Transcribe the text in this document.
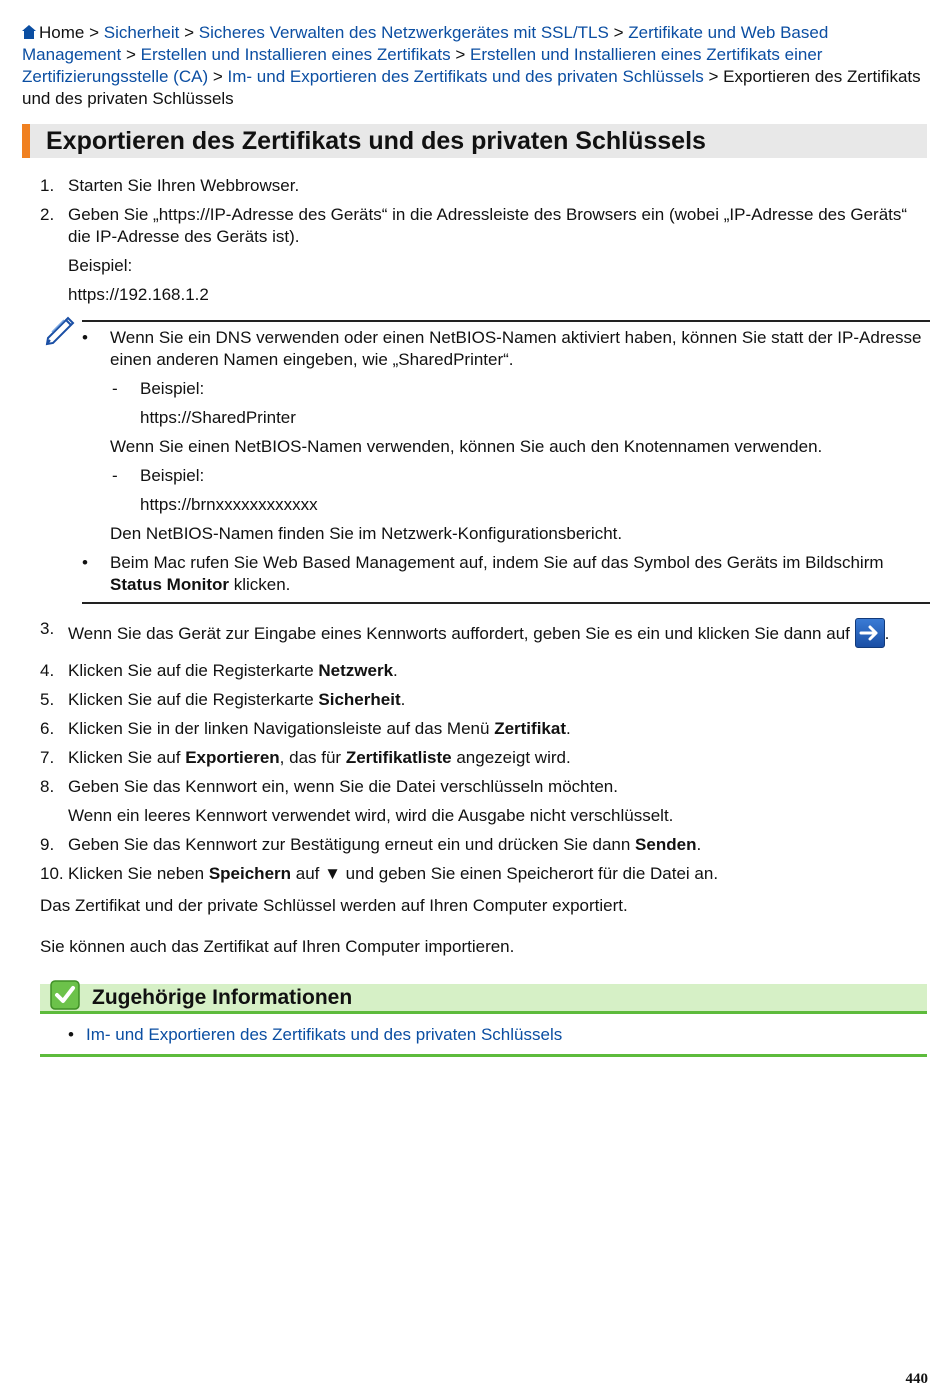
Home > Sicherheit > Sicheres Verwalten des Netzwerkgerätes mit SSL/TLS > Zertifikate und Web Based Management > Erstellen und Installieren eines Zertifikats > Erstellen und Installieren eines Zertifikats einer Zertifizierungsstelle (CA) > Im- und Exportieren des Zertifikats und des privaten Schlüssels > Exportieren des Zertifikats und des privaten Schlüssels
Exportieren des Zertifikats und des privaten Schlüssels
1. Starten Sie Ihren Webbrowser.
2. Geben Sie „https://IP-Adresse des Geräts“ in die Adressleiste des Browsers ein (wobei „IP-Adresse des Geräts“ die IP-Adresse des Geräts ist).
Beispiel:
https://192.168.1.2
• Wenn Sie ein DNS verwenden oder einen NetBIOS-Namen aktiviert haben, können Sie statt der IP-Adresse einen anderen Namen eingeben, wie „SharedPrinter“.
- Beispiel:
https://SharedPrinter
Wenn Sie einen NetBIOS-Namen verwenden, können Sie auch den Knotennamen verwenden.
- Beispiel:
https://brnxxxxxxxxxxxx
Den NetBIOS-Namen finden Sie im Netzwerk-Konfigurationsbericht.
• Beim Mac rufen Sie Web Based Management auf, indem Sie auf das Symbol des Geräts im Bildschirm Status Monitor klicken.
3. Wenn Sie das Gerät zur Eingabe eines Kennworts auffordert, geben Sie es ein und klicken Sie dann auf .
4. Klicken Sie auf die Registerkarte Netzwerk.
5. Klicken Sie auf die Registerkarte Sicherheit.
6. Klicken Sie in der linken Navigationsleiste auf das Menü Zertifikat.
7. Klicken Sie auf Exportieren, das für Zertifikatliste angezeigt wird.
8. Geben Sie das Kennwort ein, wenn Sie die Datei verschlüsseln möchten.
Wenn ein leeres Kennwort verwendet wird, wird die Ausgabe nicht verschlüsselt.
9. Geben Sie das Kennwort zur Bestätigung erneut ein und drücken Sie dann Senden.
10. Klicken Sie neben Speichern auf ▼ und geben Sie einen Speicherort für die Datei an.
Das Zertifikat und der private Schlüssel werden auf Ihren Computer exportiert.
Sie können auch das Zertifikat auf Ihren Computer importieren.
Zugehörige Informationen
• Im- und Exportieren des Zertifikats und des privaten Schlüssels
440
